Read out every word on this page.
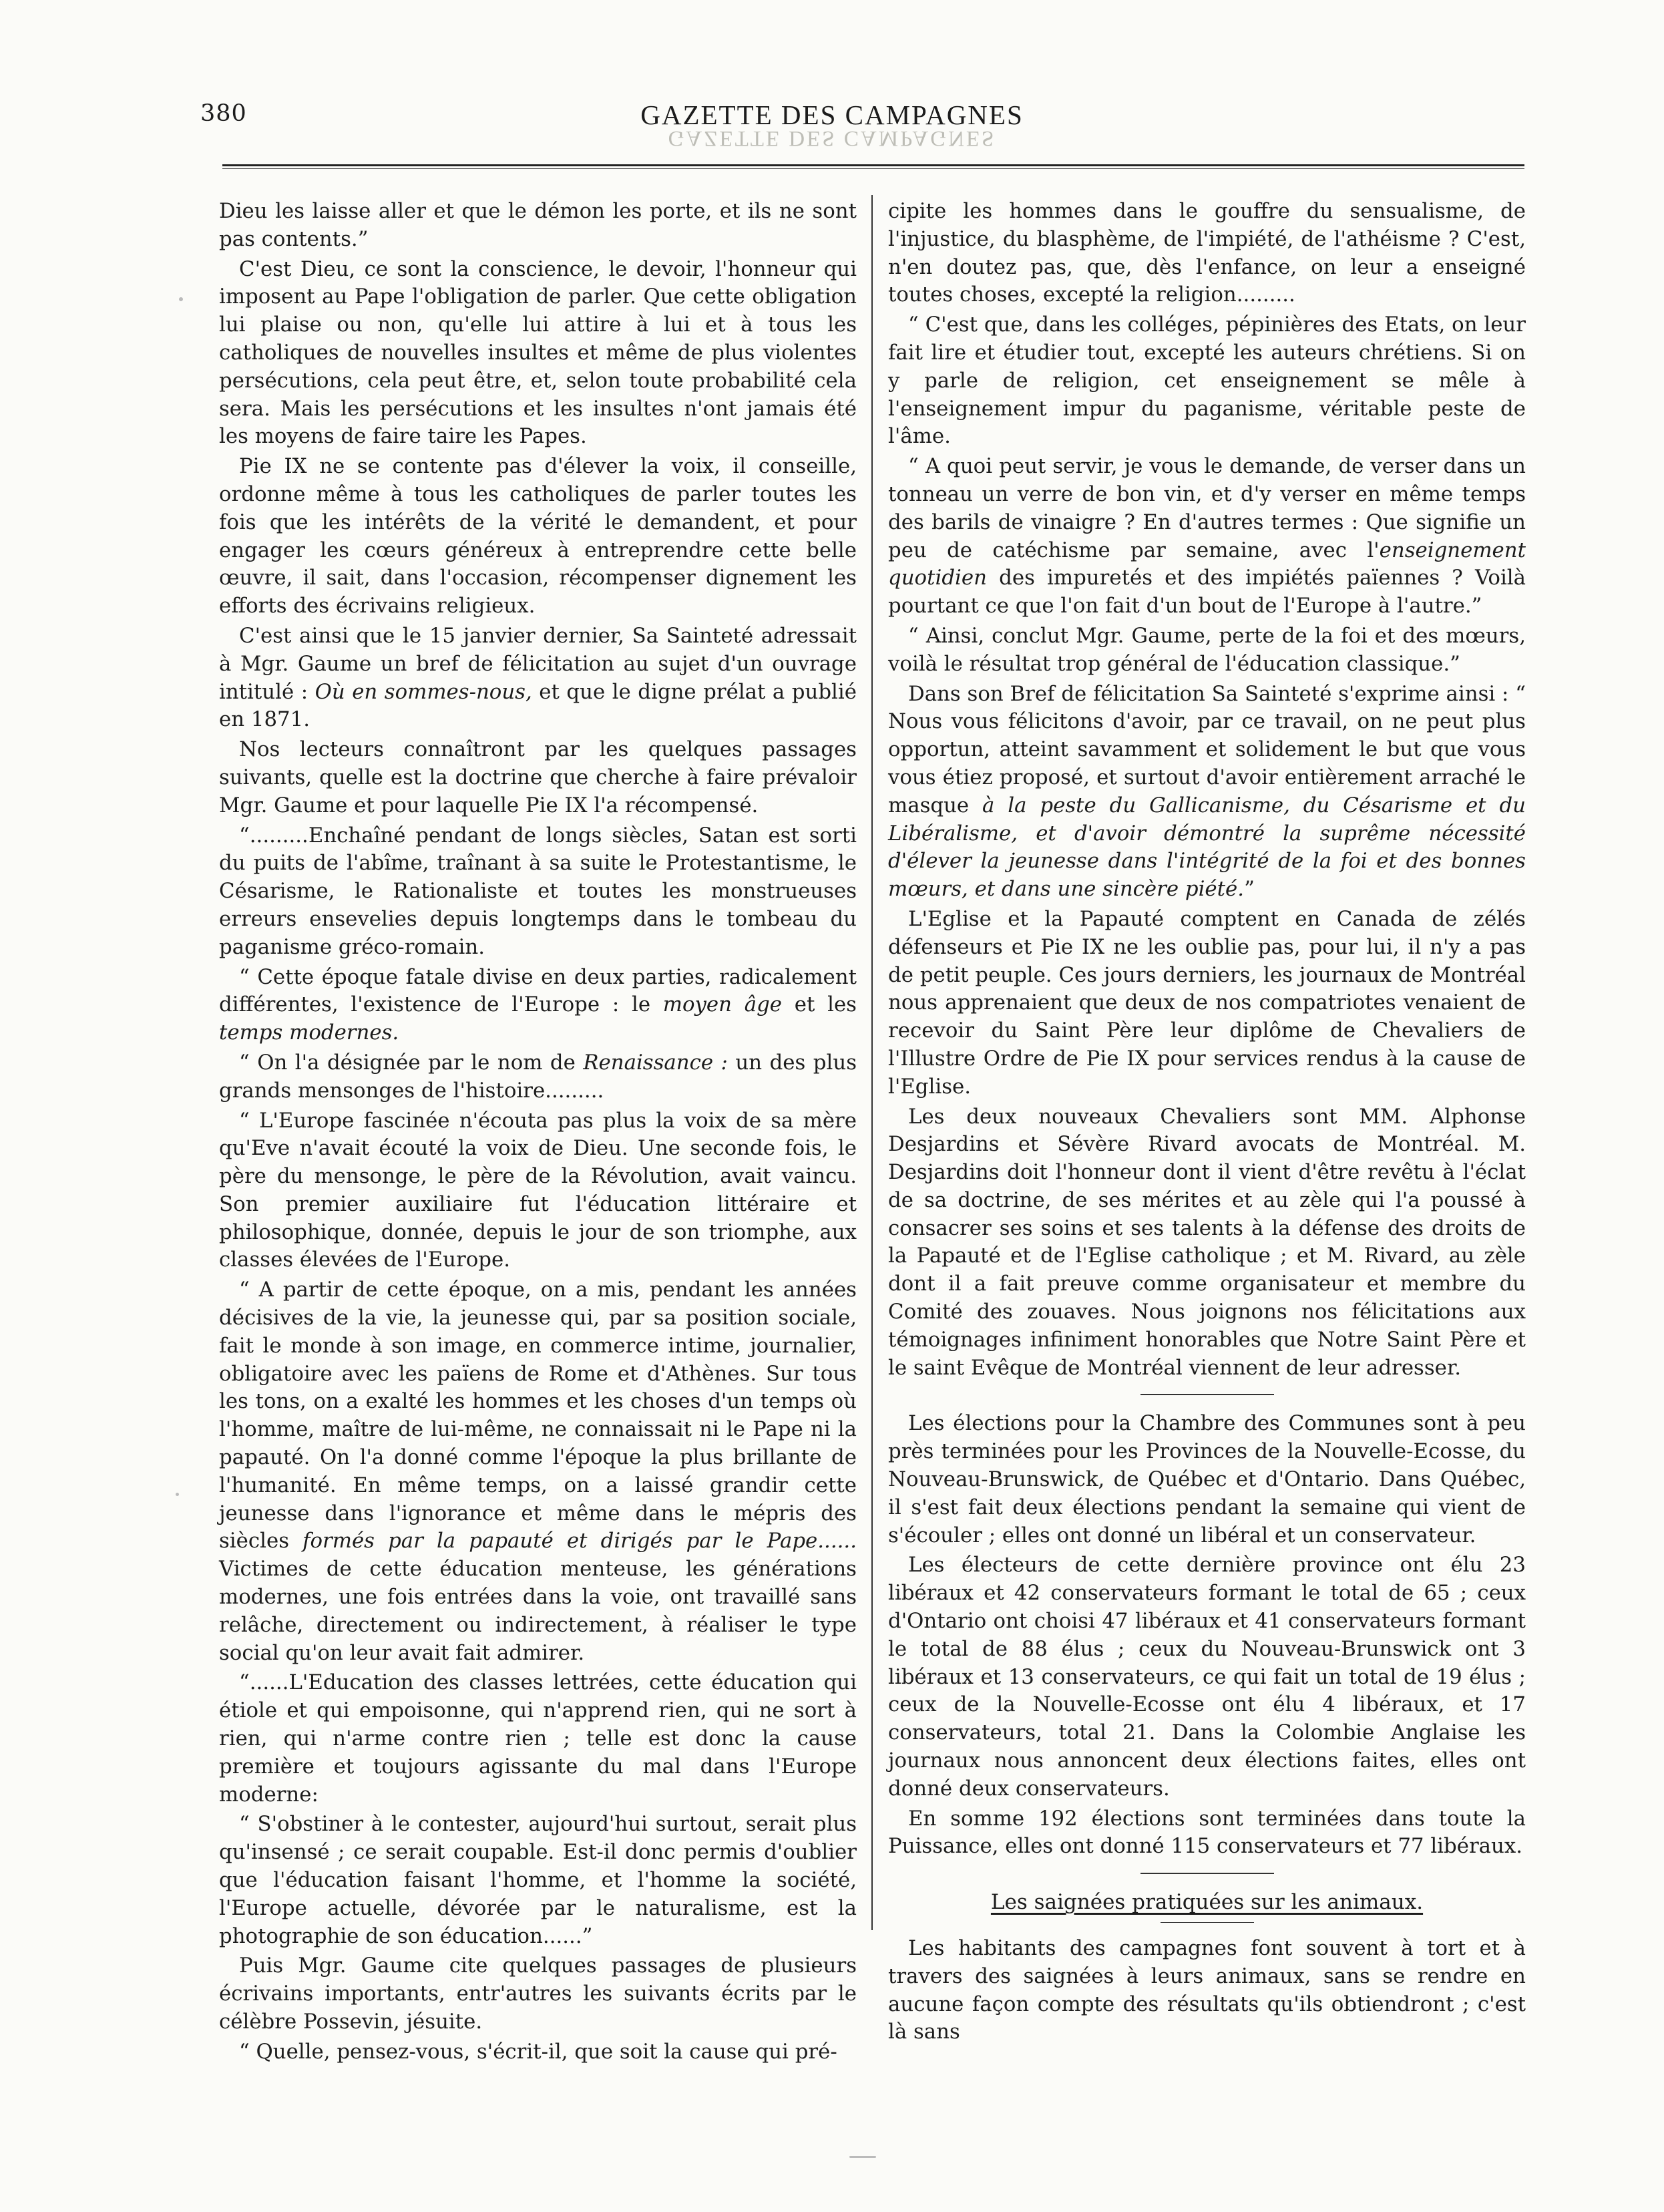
380	GAZETTE DES CAMPAGNES
GAZETTE DES CAMPAGNES

Dieu les laisse aller et que le démon les porte, et ils ne sont pas contents.”

C'est Dieu, ce sont la conscience, le devoir, l'honneur qui imposent au Pape l'obligation de parler. Que cette obligation lui plaise ou non, qu'elle lui attire à lui et à tous les catholiques de nouvelles insultes et même de plus violentes persécutions, cela peut être, et, selon toute probabilité cela sera. Mais les persécutions et les insultes n'ont jamais été les moyens de faire taire les Papes.

Pie IX ne se contente pas d'élever la voix, il conseille, ordonne même à tous les catholiques de parler toutes les fois que les intérêts de la vérité le demandent, et pour engager les cœurs généreux à entreprendre cette belle œuvre, il sait, dans l'occasion, récompenser dignement les efforts des écrivains religieux.

C'est ainsi que le 15 janvier dernier, Sa Sainteté adressait à Mgr. Gaume un bref de félicitation au sujet d'un ouvrage intitulé : Où en sommes-nous, et que le digne prélat a publié en 1871.

Nos lecteurs connaîtront par les quelques passages suivants, quelle est la doctrine que cherche à faire prévaloir Mgr. Gaume et pour laquelle Pie IX l'a récompensé.

“.........Enchaîné pendant de longs siècles, Satan est sorti du puits de l'abîme, traînant à sa suite le Protestantisme, le Césarisme, le Rationaliste et toutes les monstrueuses erreurs ensevelies depuis longtemps dans le tombeau du paganisme gréco-romain.

“ Cette époque fatale divise en deux parties, radicalement différentes, l'existence de l'Europe : le moyen âge et les temps modernes.

“ On l'a désignée par le nom de Renaissance : un des plus grands mensonges de l'histoire.........

“ L'Europe fascinée n'écouta pas plus la voix de sa mère qu'Eve n'avait écouté la voix de Dieu. Une seconde fois, le père du mensonge, le père de la Révolution, avait vaincu. Son premier auxiliaire fut l'éducation littéraire et philosophique, donnée, depuis le jour de son triomphe, aux classes élevées de l'Europe.

“ A partir de cette époque, on a mis, pendant les années décisives de la vie, la jeunesse qui, par sa position sociale, fait le monde à son image, en commerce intime, journalier, obligatoire avec les païens de Rome et d'Athènes. Sur tous les tons, on a exalté les hommes et les choses d'un temps où l'homme, maître de lui-même, ne connaissait ni le Pape ni la papauté. On l'a donné comme l'époque la plus brillante de l'humanité. En même temps, on a laissé grandir cette jeunesse dans l'ignorance et même dans le mépris des siècles formés par la papauté et dirigés par le Pape...... Victimes de cette éducation menteuse, les générations modernes, une fois entrées dans la voie, ont travaillé sans relâche, directement ou indirectement, à réaliser le type social qu'on leur avait fait admirer.

“......L'Education des classes lettrées, cette éducation qui étiole et qui empoisonne, qui n'apprend rien, qui ne sort à rien, qui n'arme contre rien ; telle est donc la cause première et toujours agissante du mal dans l'Europe moderne:

“ S'obstiner à le contester, aujourd'hui surtout, serait plus qu'insensé ; ce serait coupable. Est-il donc permis d'oublier que l'éducation faisant l'homme, et l'homme la société, l'Europe actuelle, dévorée par le naturalisme, est la photographie de son éducation......”

Puis Mgr. Gaume cite quelques passages de plusieurs écrivains importants, entr'autres les suivants écrits par le célèbre Possevin, jésuite.

“ Quelle, pensez-vous, s'écrit-il, que soit la cause qui pré-

cipite les hommes dans le gouffre du sensualisme, de l'injustice, du blasphème, de l'impiété, de l'athéisme ? C'est, n'en doutez pas, que, dès l'enfance, on leur a enseigné toutes choses, excepté la religion.........

“ C'est que, dans les colléges, pépinières des Etats, on leur fait lire et étudier tout, excepté les auteurs chrétiens. Si on y parle de religion, cet enseignement se mêle à l'enseignement impur du paganisme, véritable peste de l'âme.

“ A quoi peut servir, je vous le demande, de verser dans un tonneau un verre de bon vin, et d'y verser en même temps des barils de vinaigre ? En d'autres termes : Que signifie un peu de catéchisme par semaine, avec l'enseignement quotidien des impuretés et des impiétés païennes ? Voilà pourtant ce que l'on fait d'un bout de l'Europe à l'autre.”

“ Ainsi, conclut Mgr. Gaume, perte de la foi et des mœurs, voilà le résultat trop général de l'éducation classique.”

Dans son Bref de félicitation Sa Sainteté s'exprime ainsi : “ Nous vous félicitons d'avoir, par ce travail, on ne peut plus opportun, atteint savamment et solidement le but que vous vous étiez proposé, et surtout d'avoir entièrement arraché le masque à la peste du Gallicanisme, du Césarisme et du Libéralisme, et d'avoir démontré la suprême nécessité d'élever la jeunesse dans l'intégrité de la foi et des bonnes mœurs, et dans une sincère piété.”

L'Eglise et la Papauté comptent en Canada de zélés défenseurs et Pie IX ne les oublie pas, pour lui, il n'y a pas de petit peuple. Ces jours derniers, les journaux de Montréal nous apprenaient que deux de nos compatriotes venaient de recevoir du Saint Père leur diplôme de Chevaliers de l'Illustre Ordre de Pie IX pour services rendus à la cause de l'Eglise.

Les deux nouveaux Chevaliers sont MM. Alphonse Desjardins et Sévère Rivard avocats de Montréal. M. Desjardins doit l'honneur dont il vient d'être revêtu à l'éclat de sa doctrine, de ses mérites et au zèle qui l'a poussé à consacrer ses soins et ses talents à la défense des droits de la Papauté et de l'Eglise catholique ; et M. Rivard, au zèle dont il a fait preuve comme organisateur et membre du Comité des zouaves. Nous joignons nos félicitations aux témoignages infiniment honorables que Notre Saint Père et le saint Evêque de Montréal viennent de leur adresser.

Les élections pour la Chambre des Communes sont à peu près terminées pour les Provinces de la Nouvelle-Ecosse, du Nouveau-Brunswick, de Québec et d'Ontario. Dans Québec, il s'est fait deux élections pendant la semaine qui vient de s'écouler ; elles ont donné un libéral et un conservateur.

Les électeurs de cette dernière province ont élu 23 libéraux et 42 conservateurs formant le total de 65 ; ceux d'Ontario ont choisi 47 libéraux et 41 conservateurs formant le total de 88 élus ; ceux du Nouveau-Brunswick ont 3 libéraux et 13 conservateurs, ce qui fait un total de 19 élus ; ceux de la Nouvelle-Ecosse ont élu 4 libéraux, et 17 conservateurs, total 21. Dans la Colombie Anglaise les journaux nous annoncent deux élections faites, elles ont donné deux conservateurs.

En somme 192 élections sont terminées dans toute la Puissance, elles ont donné 115 conservateurs et 77 libéraux.

Les saignées pratiquées sur les animaux.

Les habitants des campagnes font souvent à tort et à travers des saignées à leurs animaux, sans se rendre en aucune façon compte des résultats qu'ils obtiendront ; c'est là sans
